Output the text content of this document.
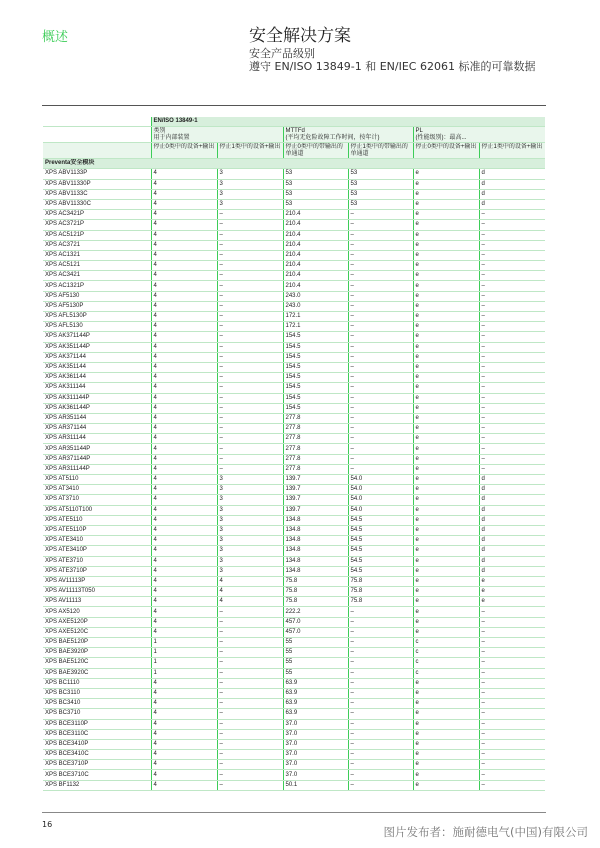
概述	安全解决方案
安全产品级别
遵守 EN/ISO 13849-1 和 EN/IEC 62061 标准的可靠数据
	EN/ISO 13849-1					
	类别
用于内部装置		MTTFd
(平均无危险故障工作时间，按年计)		PL
(性能级别)：最高...	
	停止0类中的设备+输出	停止1类中的设备+输出	停止0类中的带输出的单通道	停止1类中的带输出的单通道	停止0类中的设备+输出	停止1类中的设备+输出
Preventa安全模块						
XPS ABV1133P	4	3	53	53	e	d
XPS ABV11330P	4	3	53	53	e	d
XPS ABV1133C	4	3	53	53	e	d
XPS ABV11330C	4	3	53	53	e	d
XPS AC3421P	4	–	210.4	–	e	–
XPS AC3721P	4	–	210.4	–	e	–
XPS AC5121P	4	–	210.4	–	e	–
XPS AC3721	4	–	210.4	–	e	–
XPS AC1321	4	–	210.4	–	e	–
XPS AC5121	4	–	210.4	–	e	–
XPS AC3421	4	–	210.4	–	e	–
XPS AC1321P	4	–	210.4	–	e	–
XPS AF5130	4	–	243.0	–	e	–
XPS AF5130P	4	–	243.0	–	e	–
XPS AFL5130P	4	–	172.1	–	e	–
XPS AFL5130	4	–	172.1	–	e	–
XPS AK371144P	4	–	154.5	–	e	–
XPS AK351144P	4	–	154.5	–	e	–
XPS AK371144	4	–	154.5	–	e	–
XPS AK351144	4	–	154.5	–	e	–
XPS AK361144	4	–	154.5	–	e	–
XPS AK311144	4	–	154.5	–	e	–
XPS AK311144P	4	–	154.5	–	e	–
XPS AK361144P	4	–	154.5	–	e	–
XPS AR351144	4	–	277.8	–	e	–
XPS AR371144	4	–	277.8	–	e	–
XPS AR311144	4	–	277.8	–	e	–
XPS AR351144P	4	–	277.8	–	e	–
XPS AR371144P	4	–	277.8	–	e	–
XPS AR311144P	4	–	277.8	–	e	–
XPS AT5110	4	3	139.7	54.0	e	d
XPS AT3410	4	3	139.7	54.0	e	d
XPS AT3710	4	3	139.7	54.0	e	d
XPS AT5110T100	4	3	139.7	54.0	e	d
XPS ATE5110	4	3	134.8	54.5	e	d
XPS ATE5110P	4	3	134.8	54.5	e	d
XPS ATE3410	4	3	134.8	54.5	e	d
XPS ATE3410P	4	3	134.8	54.5	e	d
XPS ATE3710	4	3	134.8	54.5	e	d
XPS ATE3710P	4	3	134.8	54.5	e	d
XPS AV11113P	4	4	75.8	75.8	e	e
XPS AV11113T050	4	4	75.8	75.8	e	e
XPS AV11113	4	4	75.8	75.8	e	e
XPS AX5120	4	–	222.2	–	e	–
XPS AXE5120P	4	–	457.0	–	e	–
XPS AXE5120C	4	–	457.0	–	e	–
XPS BAE5120P	1	–	55	–	c	–
XPS BAE3920P	1	–	55	–	c	–
XPS BAE5120C	1	–	55	–	c	–
XPS BAE3920C	1	–	55	–	c	–
XPS BC1110	4	–	63.9	–	e	–
XPS BC3110	4	–	63.9	–	e	–
XPS BC3410	4	–	63.9	–	e	–
XPS BC3710	4	–	63.9	–	e	–
XPS BCE3110P	4	–	37.0	–	e	–
XPS BCE3110C	4	–	37.0	–	e	–
XPS BCE3410P	4	–	37.0	–	e	–
XPS BCE3410C	4	–	37.0	–	e	–
XPS BCE3710P	4	–	37.0	–	e	–
XPS BCE3710C	4	–	37.0	–	e	–
XPS BF1132	4	–	50.1	–	e	–
16
图片发布者：施耐德电气(中国)有限公司
